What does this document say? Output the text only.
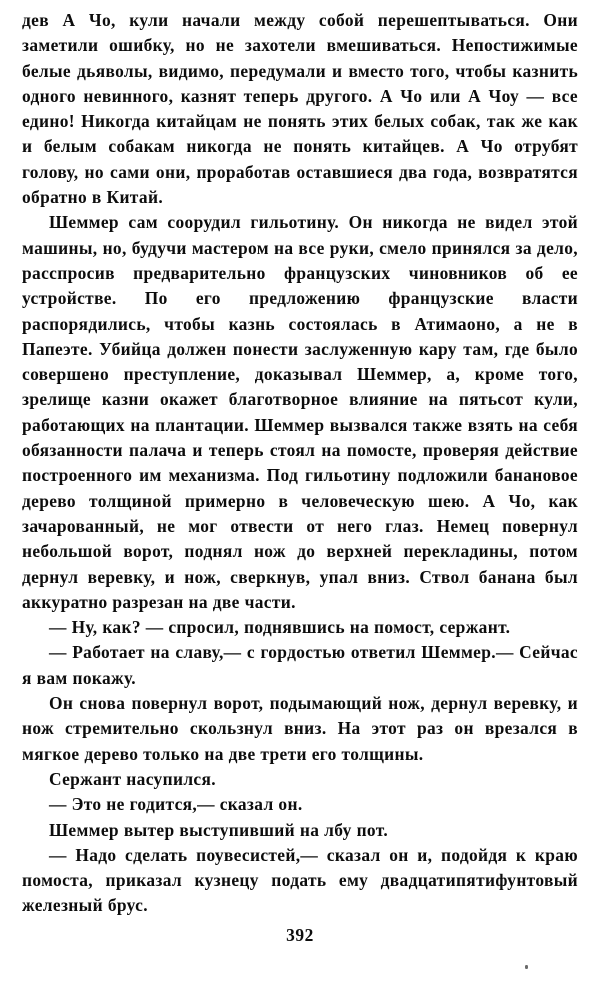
дев А Чо, кули начали между собой перешептываться. Они заметили ошибку, но не захотели вмешиваться. Непостижимые белые дьяволы, видимо, передумали и вместо того, чтобы казнить одного невинного, казнят теперь другого. А Чо или А Чоу — все едино! Никогда китайцам не понять этих белых собак, так же как и белым собакам никогда не понять китайцев. А Чо отрубят голову, но сами они, проработав оставшиеся два года, возвратятся обратно в Китай.

Шеммер сам соорудил гильотину. Он никогда не видел этой машины, но, будучи мастером на все руки, смело принялся за дело, расспросив предварительно французских чиновников об ее устройстве. По его предложению французские власти распорядились, чтобы казнь состоялась в Атимаоно, а не в Папеэте. Убийца должен понести заслуженную кару там, где было совершено преступление, доказывал Шеммер, а, кроме того, зрелище казни окажет благотворное влияние на пятьсот кули, работающих на плантации. Шеммер вызвался также взять на себя обязанности палача и теперь стоял на помосте, проверяя действие построенного им механизма. Под гильотину подложили банановое дерево толщиной примерно в человеческую шею. А Чо, как зачарованный, не мог отвести от него глаз. Немец повернул небольшой ворот, поднял нож до верхней перекладины, потом дернул веревку, и нож, сверкнув, упал вниз. Ствол банана был аккуратно разрезан на две части.

— Ну, как? — спросил, поднявшись на помост, сержант.

— Работает на славу,— с гордостью ответил Шеммер.— Сейчас я вам покажу.

Он снова повернул ворот, подымающий нож, дернул веревку, и нож стремительно скользнул вниз. На этот раз он врезался в мягкое дерево только на две трети его толщины.

Сержант насупился.

— Это не годится,— сказал он.

Шеммер вытер выступивший на лбу пот.

— Надо сделать поувесистей,— сказал он и, подойдя к краю помоста, приказал кузнецу подать ему двадцатипятифунтовый железный брус.

392
